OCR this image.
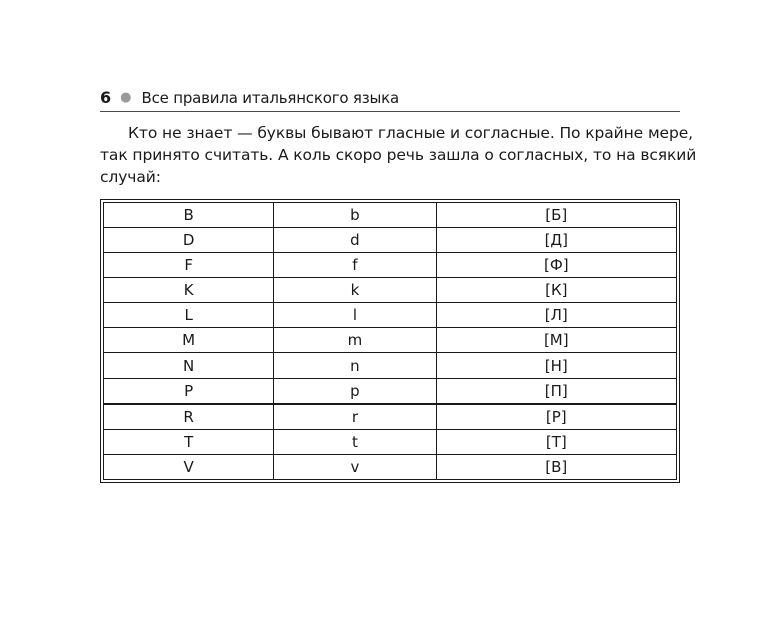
6 ● Все правила итальянского языка
Кто не знает — буквы бывают гласные и согласные. По крайне мере,
так принято считать. А коль скоро речь зашла о согласных, то на всякий
случай:
B	b	[Б]
D	d	[Д]
F	f	[Ф]
K	k	[К]
L	l	[Л]
M	m	[М]
N	n	[Н]
P	p	[П]
R	r	[Р]
T	t	[Т]
V	v	[В]
